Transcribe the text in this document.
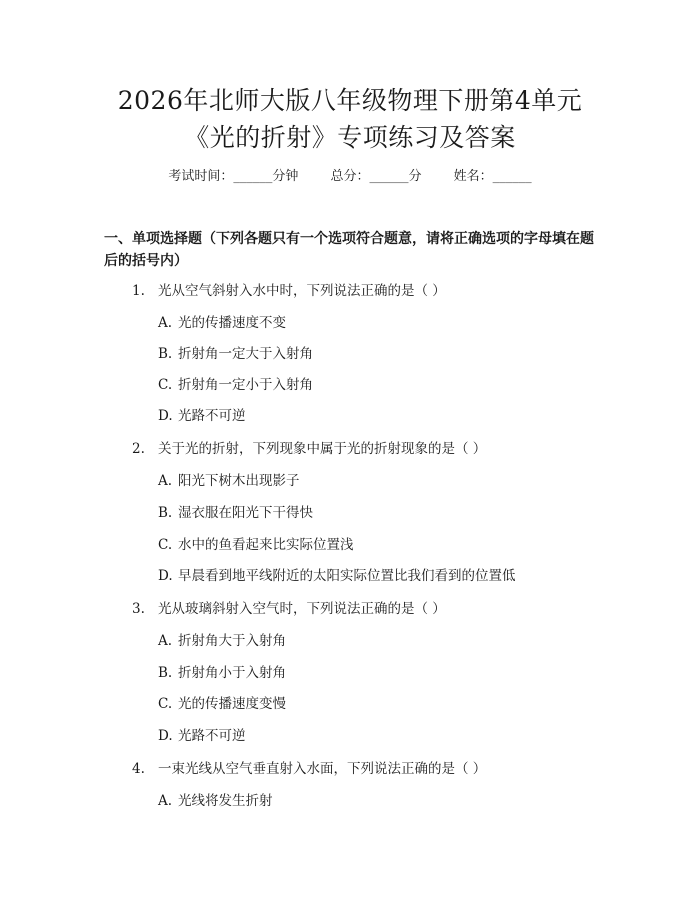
2026年北师大版八年级物理下册第4单元
《光的折射》专项练习及答案
考试时间：______分钟 总分：______分 姓名：______
一、单项选择题（下列各题只有一个选项符合题意，请将正确选项的字母填在题后的括号内）
1. 光从空气斜射入水中时，下列说法正确的是（ ）
A. 光的传播速度不变
B. 折射角一定大于入射角
C. 折射角一定小于入射角
D. 光路不可逆
2. 关于光的折射，下列现象中属于光的折射现象的是（ ）
A. 阳光下树木出现影子
B. 湿衣服在阳光下干得快
C. 水中的鱼看起来比实际位置浅
D. 早晨看到地平线附近的太阳实际位置比我们看到的位置低
3. 光从玻璃斜射入空气时，下列说法正确的是（ ）
A. 折射角大于入射角
B. 折射角小于入射角
C. 光的传播速度变慢
D. 光路不可逆
4. 一束光线从空气垂直射入水面，下列说法正确的是（ ）
A. 光线将发生折射
